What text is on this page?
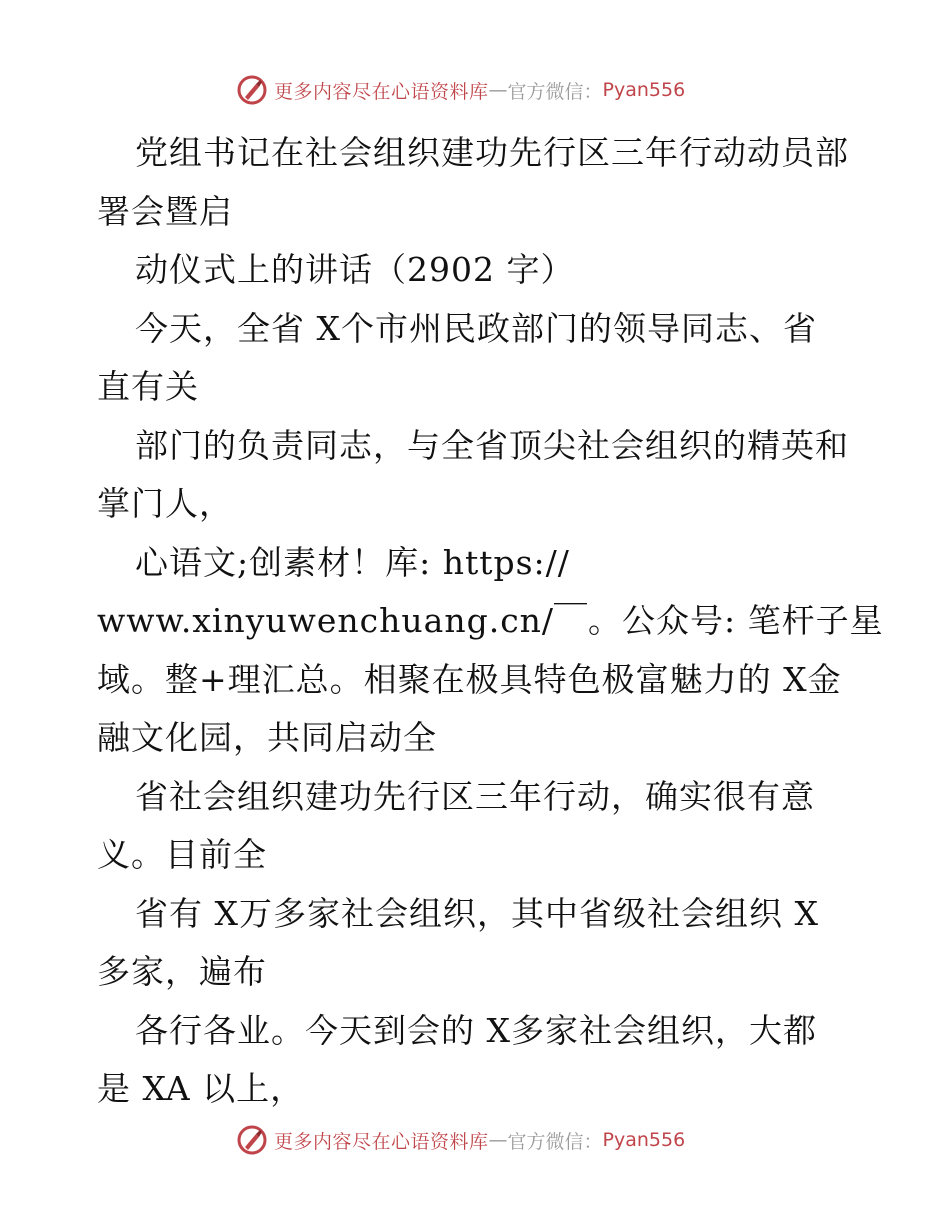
更多内容尽在心语资料库 — 官方微信： Pyan556
党组书记在社会组织建功先行区三年行动动员部
署会暨启
动仪式上的讲话（2902 字）
今天，全省 X个市州民政部门的领导同志、省
直有关
部门的负责同志，与全省顶尖社会组织的精英和
掌门人，
心语文;创素材！库: https://
www.xinyuwenchuang.cn/￣。公众号: 笔杆子星
域。整+理汇总。相聚在极具特色极富魅力的 X金
融文化园，共同启动全
省社会组织建功先行区三年行动，确实很有意
义。目前全
省有 X万多家社会组织，其中省级社会组织 X
多家，遍布
各行各业。今天到会的 X多家社会组织，大都
是 XA 以上，
更多内容尽在心语资料库 — 官方微信： Pyan556
